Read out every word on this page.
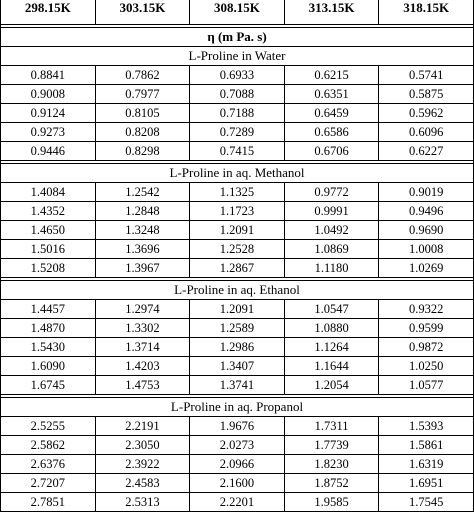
298.15K	303.15K	308.15K	313.15K	318.15K

η (m Pa. s)				
L-Proline in Water				
0.8841	0.7862	0.6933	0.6215	0.5741
0.9008	0.7977	0.7088	0.6351	0.5875
0.9124	0.8105	0.7188	0.6459	0.5962
0.9273	0.8208	0.7289	0.6586	0.6096
0.9446	0.8298	0.7415	0.6706	0.6227

L-Proline in aq. Methanol				
1.4084	1.2542	1.1325	0.9772	0.9019
1.4352	1.2848	1.1723	0.9991	0.9496
1.4650	1.3248	1.2091	1.0492	0.9690
1.5016	1.3696	1.2528	1.0869	1.0008
1.5208	1.3967	1.2867	1.1180	1.0269

L-Proline in aq. Ethanol				
1.4457	1.2974	1.2091	1.0547	0.9322
1.4870	1.3302	1.2589	1.0880	0.9599
1.5430	1.3714	1.2986	1.1264	0.9872
1.6090	1.4203	1.3407	1.1644	1.0250
1.6745	1.4753	1.3741	1.2054	1.0577

L-Proline in aq. Propanol				
2.5255	2.2191	1.9676	1.7311	1.5393
2.5862	2.3050	2.0273	1.7739	1.5861
2.6376	2.3922	2.0966	1.8230	1.6319
2.7207	2.4583	2.1600	1.8752	1.6951
2.7851	2.5313	2.2201	1.9585	1.7545
